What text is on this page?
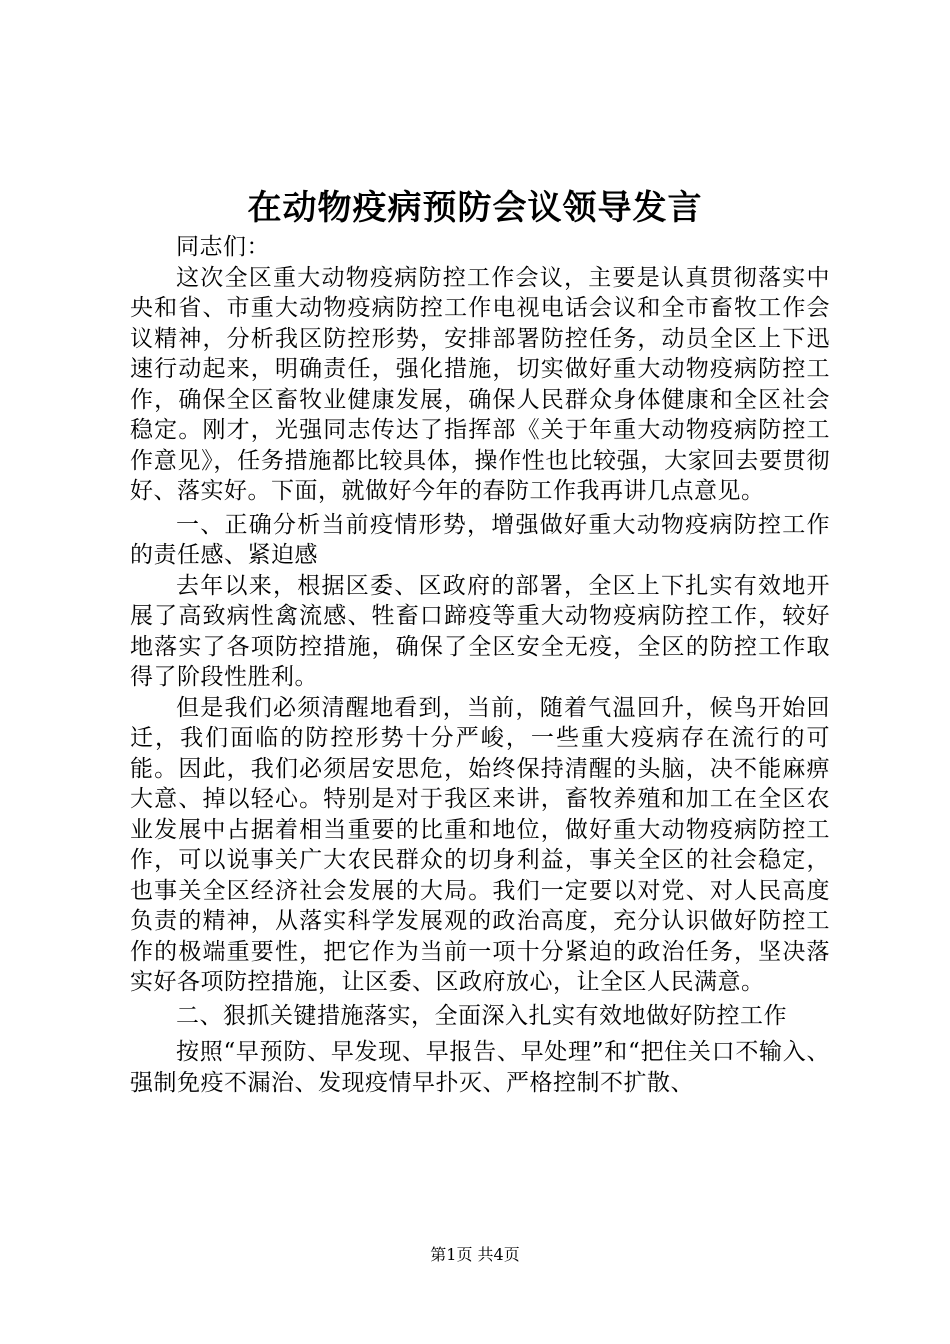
在动物疫病预防会议领导发言

同志们：

这次全区重大动物疫病防控工作会议，主要是认真贯彻落实中央和省、市重大动物疫病防控工作电视电话会议和全市畜牧工作会议精神，分析我区防控形势，安排部署防控任务，动员全区上下迅速行动起来，明确责任，强化措施，切实做好重大动物疫病防控工作，确保全区畜牧业健康发展，确保人民群众身体健康和全区社会稳定。刚才，光强同志传达了指挥部《关于年重大动物疫病防控工作意见》，任务措施都比较具体，操作性也比较强，大家回去要贯彻好、落实好。下面，就做好今年的春防工作我再讲几点意见。

一、正确分析当前疫情形势，增强做好重大动物疫病防控工作的责任感、紧迫感

去年以来，根据区委、区政府的部署，全区上下扎实有效地开展了高致病性禽流感、牲畜口蹄疫等重大动物疫病防控工作，较好地落实了各项防控措施，确保了全区安全无疫，全区的防控工作取得了阶段性胜利。

但是我们必须清醒地看到，当前，随着气温回升，候鸟开始回迁，我们面临的防控形势十分严峻，一些重大疫病存在流行的可能。因此，我们必须居安思危，始终保持清醒的头脑，决不能麻痹大意、掉以轻心。特别是对于我区来讲，畜牧养殖和加工在全区农业发展中占据着相当重要的比重和地位，做好重大动物疫病防控工作，可以说事关广大农民群众的切身利益，事关全区的社会稳定，也事关全区经济社会发展的大局。我们一定要以对党、对人民高度负责的精神，从落实科学发展观的政治高度，充分认识做好防控工作的极端重要性，把它作为当前一项十分紧迫的政治任务，坚决落实好各项防控措施，让区委、区政府放心，让全区人民满意。

二、狠抓关键措施落实，全面深入扎实有效地做好防控工作

按照“早预防、早发现、早报告、早处理”和“把住关口不输入、强制免疫不漏治、发现疫情早扑灭、严格控制不扩散、

第1页 共4页
